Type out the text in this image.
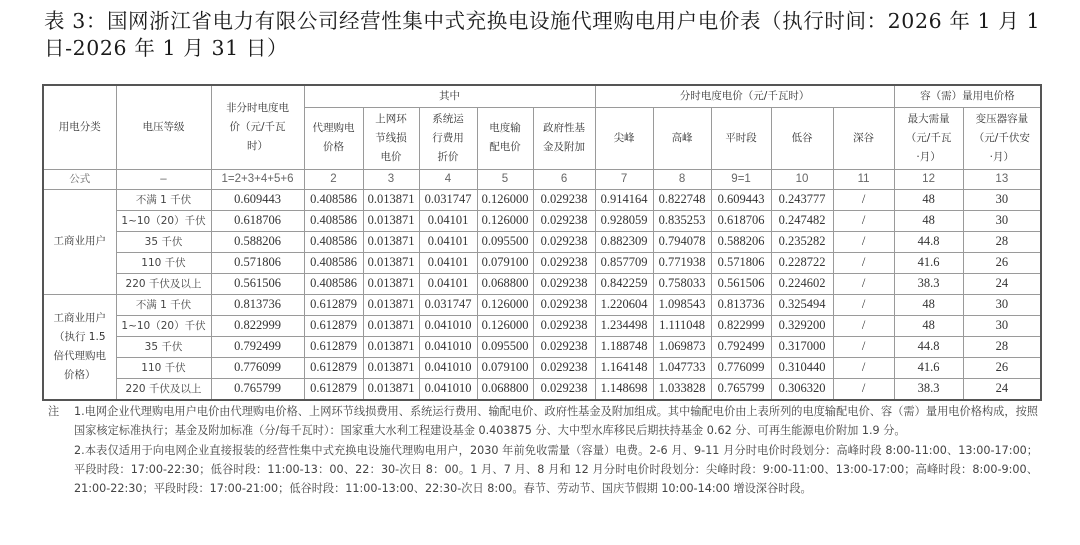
表 3：国网浙江省电力有限公司经营性集中式充换电设施代理购电用户电价表（执行时间：2026 年 1 月 1 日-2026 年 1 月 31 日）
用电分类	电压等级	非分时电度电价（元/千瓦时）	其中					分时电度电价（元/千瓦时）					容（需）量用电价格	
			代理购电价格	上网环节线损电价	系统运行费用折价	电度输配电价	政府性基金及附加	尖峰	高峰	平时段	低谷	深谷	最大需量（元/千瓦·月）	变压器容量（元/千伏安·月）
公式	–	1=2+3+4+5+6	2	3	4	5	6	7	8	9=1	10	11	12	13
工商业用户	不满 1 千伏	0.609443	0.408586	0.013871	0.031747	0.126000	0.029238	0.914164	0.822748	0.609443	0.243777	/	48	30
	1~10（20）千伏	0.618706	0.408586	0.013871	0.04101	0.126000	0.029238	0.928059	0.835253	0.618706	0.247482	/	48	30
	35 千伏	0.588206	0.408586	0.013871	0.04101	0.095500	0.029238	0.882309	0.794078	0.588206	0.235282	/	44.8	28
	110 千伏	0.571806	0.408586	0.013871	0.04101	0.079100	0.029238	0.857709	0.771938	0.571806	0.228722	/	41.6	26
	220 千伏及以上	0.561506	0.408586	0.013871	0.04101	0.068800	0.029238	0.842259	0.758033	0.561506	0.224602	/	38.3	24
工商业用户（执行 1.5 倍代理购电价格）	不满 1 千伏	0.813736	0.612879	0.013871	0.031747	0.126000	0.029238	1.220604	1.098543	0.813736	0.325494	/	48	30
	1~10（20）千伏	0.822999	0.612879	0.013871	0.041010	0.126000	0.029238	1.234498	1.111048	0.822999	0.329200	/	48	30
	35 千伏	0.792499	0.612879	0.013871	0.041010	0.095500	0.029238	1.188748	1.069873	0.792499	0.317000	/	44.8	28
	110 千伏	0.776099	0.612879	0.013871	0.041010	0.079100	0.029238	1.164148	1.047733	0.776099	0.310440	/	41.6	26
	220 千伏及以上	0.765799	0.612879	0.013871	0.041010	0.068800	0.029238	1.148698	1.033828	0.765799	0.306320	/	38.3	24
注 1.电网企业代理购电用户电价由代理购电价格、上网环节线损费用、系统运行费用、输配电价、政府性基金及附加组成。其中输配电价由上表所列的电度输配电价、容（需）量用电价格构成，按照国家核定标准执行；基金及附加标准（分/每千瓦时）：国家重大水利工程建设基金 0.403875 分、大中型水库移民后期扶持基金 0.62 分、可再生能源电价附加 1.9 分。

2.本表仅适用于向电网企业直接报装的经营性集中式充换电设施代理购电用户，2030 年前免收需量（容量）电费。2-6 月、9-11 月分时电价时段划分：高峰时段 8:00-11:00、13:00-17:00；平段时段：17:00-22:30；低谷时段：11:00-13：00、22：30-次日 8：00。1 月、7 月、8 月和 12 月分时电价时段划分：尖峰时段：9:00-11:00、13:00-17:00；高峰时段：8:00-9:00、21:00-22:30；平段时段：17:00-21:00；低谷时段：11:00-13:00、22:30-次日 8:00。春节、劳动节、国庆节假期 10:00-14:00 增设深谷时段。
